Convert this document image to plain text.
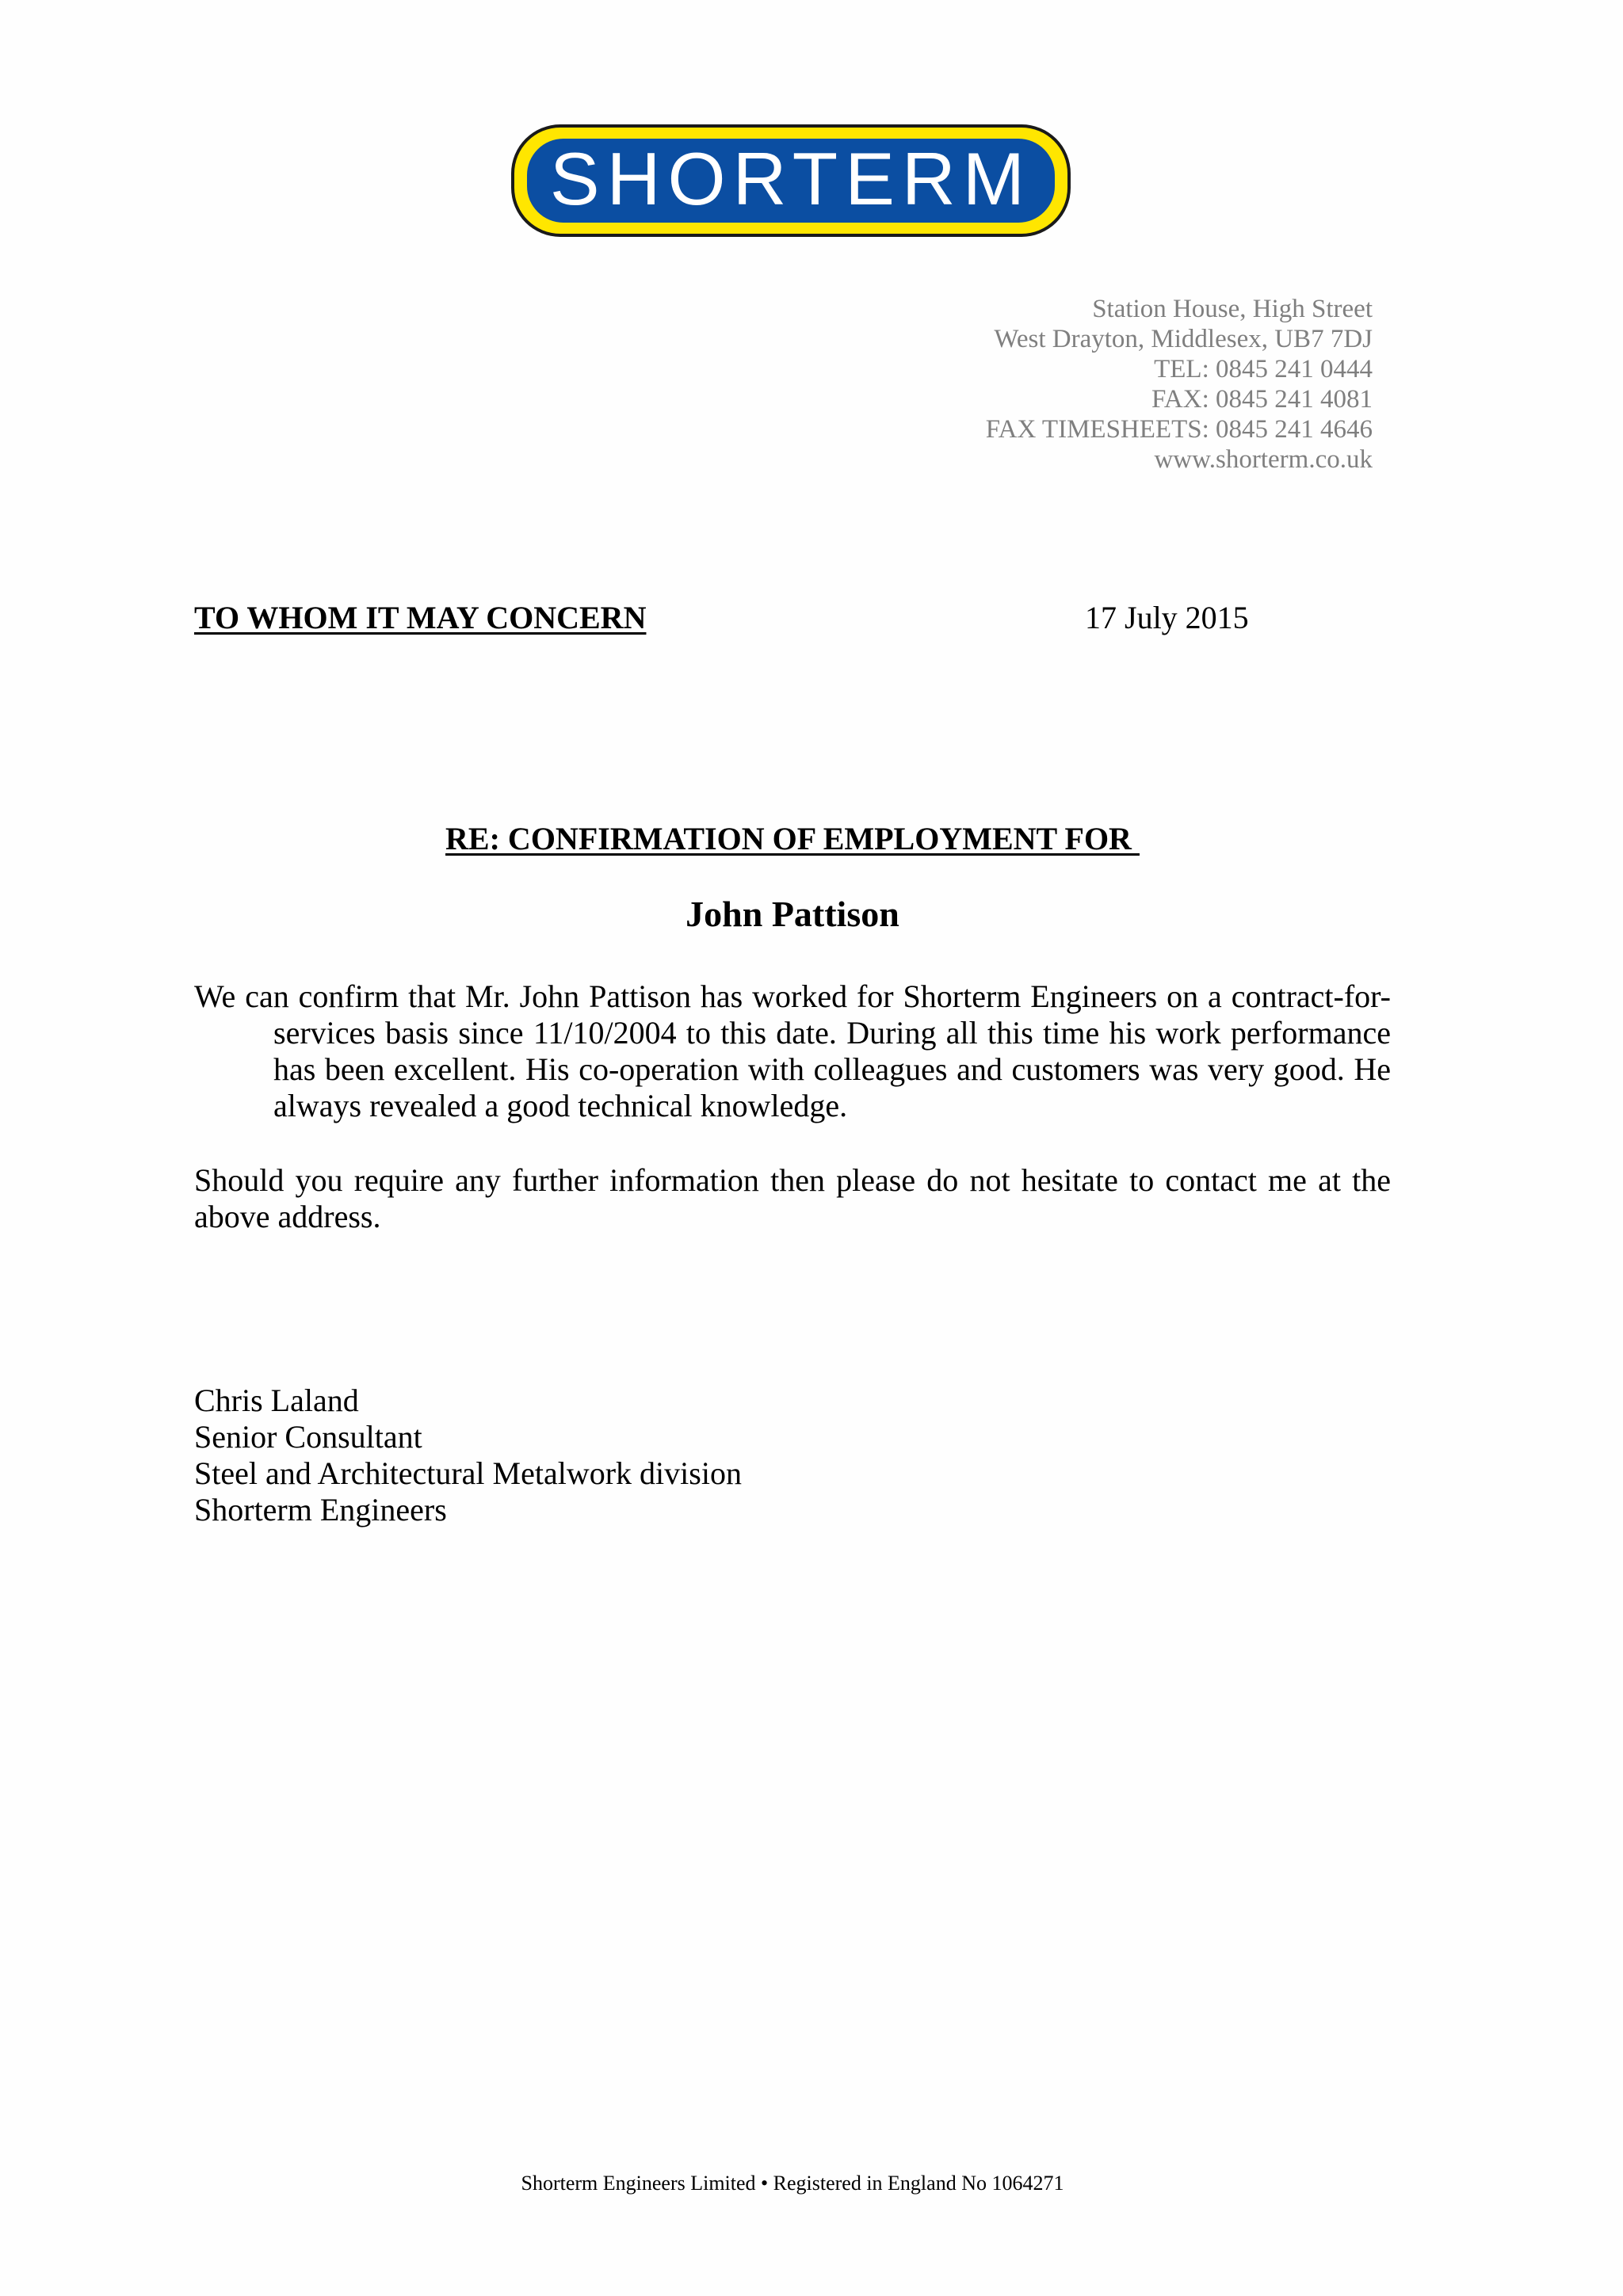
SHORTERM
Station House, High Street
West Drayton, Middlesex, UB7 7DJ
TEL: 0845 241 0444
FAX: 0845 241 4081
FAX TIMESHEETS: 0845 241 4646
www.shorterm.co.uk
TO WHOM IT MAY CONCERN	17 July 2015
RE: CONFIRMATION OF EMPLOYMENT FOR
John Pattison
We can confirm that Mr. John Pattison has worked for Shorterm Engineers on a contract-for-services basis since 11/10/2004 to this date. During all this time his work performance has been excellent. His co-operation with colleagues and customers was very good. He always revealed a good technical knowledge.
Should you require any further information then please do not hesitate to contact me at the above address.
Chris Laland
Senior Consultant
Steel and Architectural Metalwork division
Shorterm Engineers
Shorterm Engineers Limited • Registered in England No 1064271
